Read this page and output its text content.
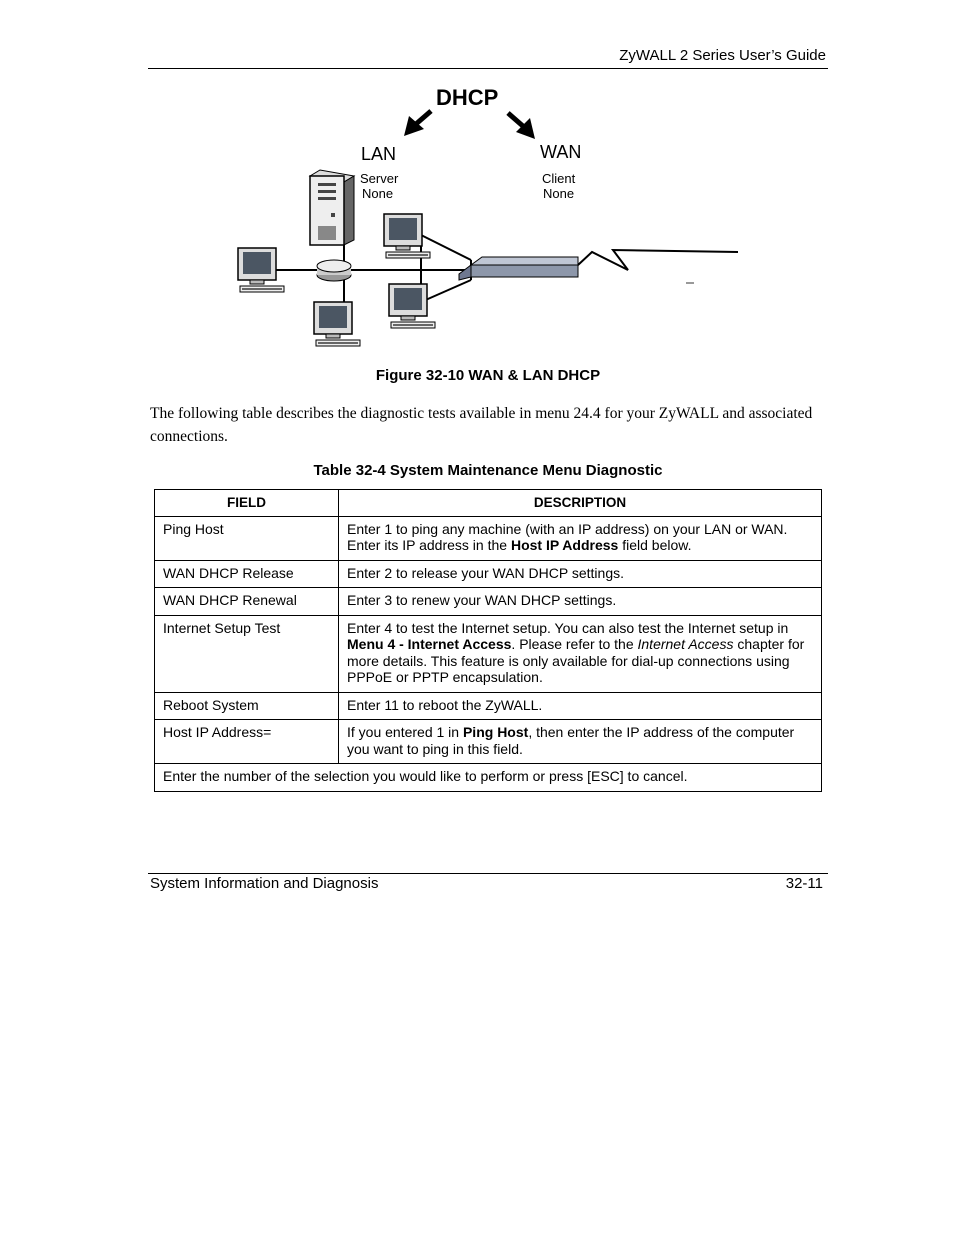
ZyWALL 2 Series User’s Guide
DHCP
LAN
Server
None
WAN
Client
None
Figure 32-10 WAN & LAN DHCP
The following table describes the diagnostic tests available in menu 24.4 for your ZyWALL and associated connections.
Table 32-4 System Maintenance Menu Diagnostic
FIELD	DESCRIPTION
Ping Host	Enter 1 to ping any machine (with an IP address) on your LAN or WAN. Enter its IP address in the Host IP Address field below.
WAN DHCP Release	Enter 2 to release your WAN DHCP settings.
WAN DHCP Renewal	Enter 3 to renew your WAN DHCP settings.
Internet Setup Test	Enter 4 to test the Internet setup. You can also test the Internet setup in Menu 4 - Internet Access. Please refer to the Internet Access chapter for more details. This feature is only available for dial-up connections using PPPoE or PPTP encapsulation.
Reboot System	Enter 11 to reboot the ZyWALL.
Host IP Address=	If you entered 1 in Ping Host, then enter the IP address of the computer you want to ping in this field.
Enter the number of the selection you would like to perform or press [ESC] to cancel.	
System Information and Diagnosis	32-11
